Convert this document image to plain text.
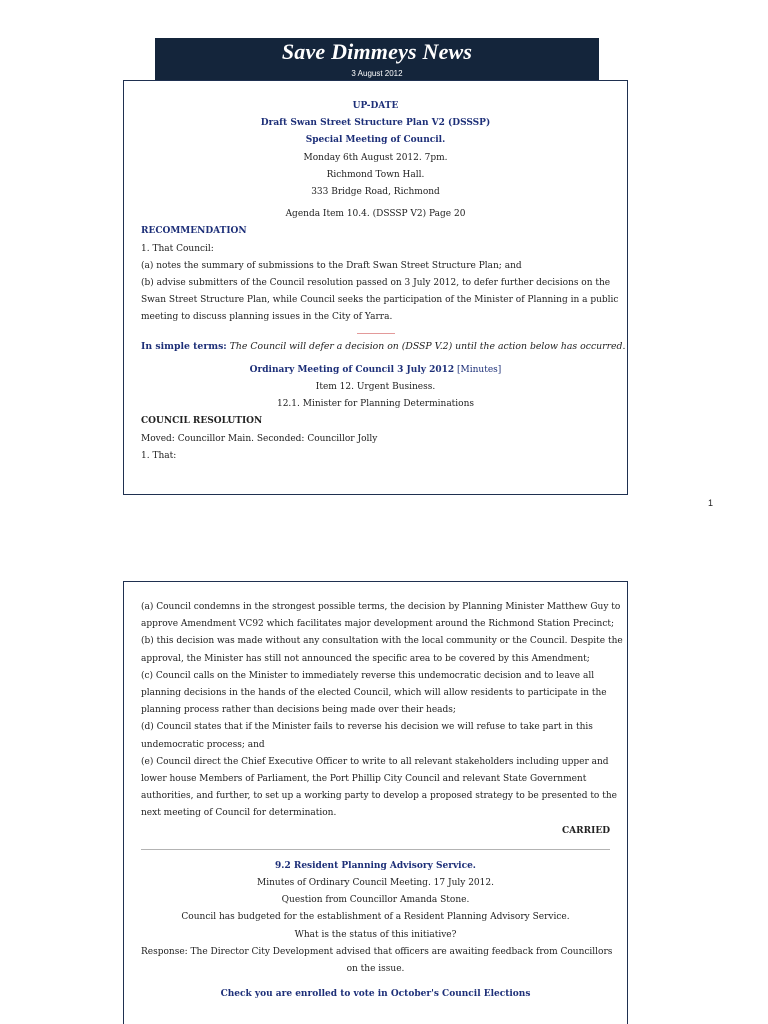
Save Dimmeys News
3 August 2012
UP-DATE
Draft Swan Street Structure Plan V2 (DSSSP)
Special Meeting of Council.
Monday 6th August 2012. 7pm.
Richmond Town Hall.
333 Bridge Road, Richmond
Agenda Item 10.4. (DSSSP V2) Page 20
RECOMMENDATION
1. That Council:
(a) notes the summary of submissions to the Draft Swan Street Structure Plan; and
(b) advise submitters of the Council resolution passed on 3 July 2012, to defer further decisions on the
Swan Street Structure Plan, while Council seeks the participation of the Minister of Planning in a public
meeting to discuss planning issues in the City of Yarra.
In simple terms: The Council will defer a decision on (DSSP V.2) until the action below has occurred.
Ordinary Meeting of Council 3 July 2012 [Minutes]
Item 12. Urgent Business.
12.1. Minister for Planning Determinations
COUNCIL RESOLUTION
Moved: Councillor Main. Seconded: Councillor Jolly
1. That:
1
(a) Council condemns in the strongest possible terms, the decision by Planning Minister Matthew Guy to
approve Amendment VC92 which facilitates major development around the Richmond Station Precinct;
(b) this decision was made without any consultation with the local community or the Council. Despite the
approval, the Minister has still not announced the specific area to be covered by this Amendment;
(c) Council calls on the Minister to immediately reverse this undemocratic decision and to leave all
planning decisions in the hands of the elected Council, which will allow residents to participate in the
planning process rather than decisions being made over their heads;
(d) Council states that if the Minister fails to reverse his decision we will refuse to take part in this
undemocratic process; and
(e) Council direct the Chief Executive Officer to write to all relevant stakeholders including upper and
lower house Members of Parliament, the Port Phillip City Council and relevant State Government
authorities, and further, to set up a working party to develop a proposed strategy to be presented to the
next meeting of Council for determination.
CARRIED
9.2 Resident Planning Advisory Service.
Minutes of Ordinary Council Meeting. 17 July 2012.
Question from Councillor Amanda Stone.
Council has budgeted for the establishment of a Resident Planning Advisory Service.
What is the status of this initiative?
Response: The Director City Development advised that officers are awaiting feedback from Councillors
on the issue.
Check you are enrolled to vote in October's Council Elections
